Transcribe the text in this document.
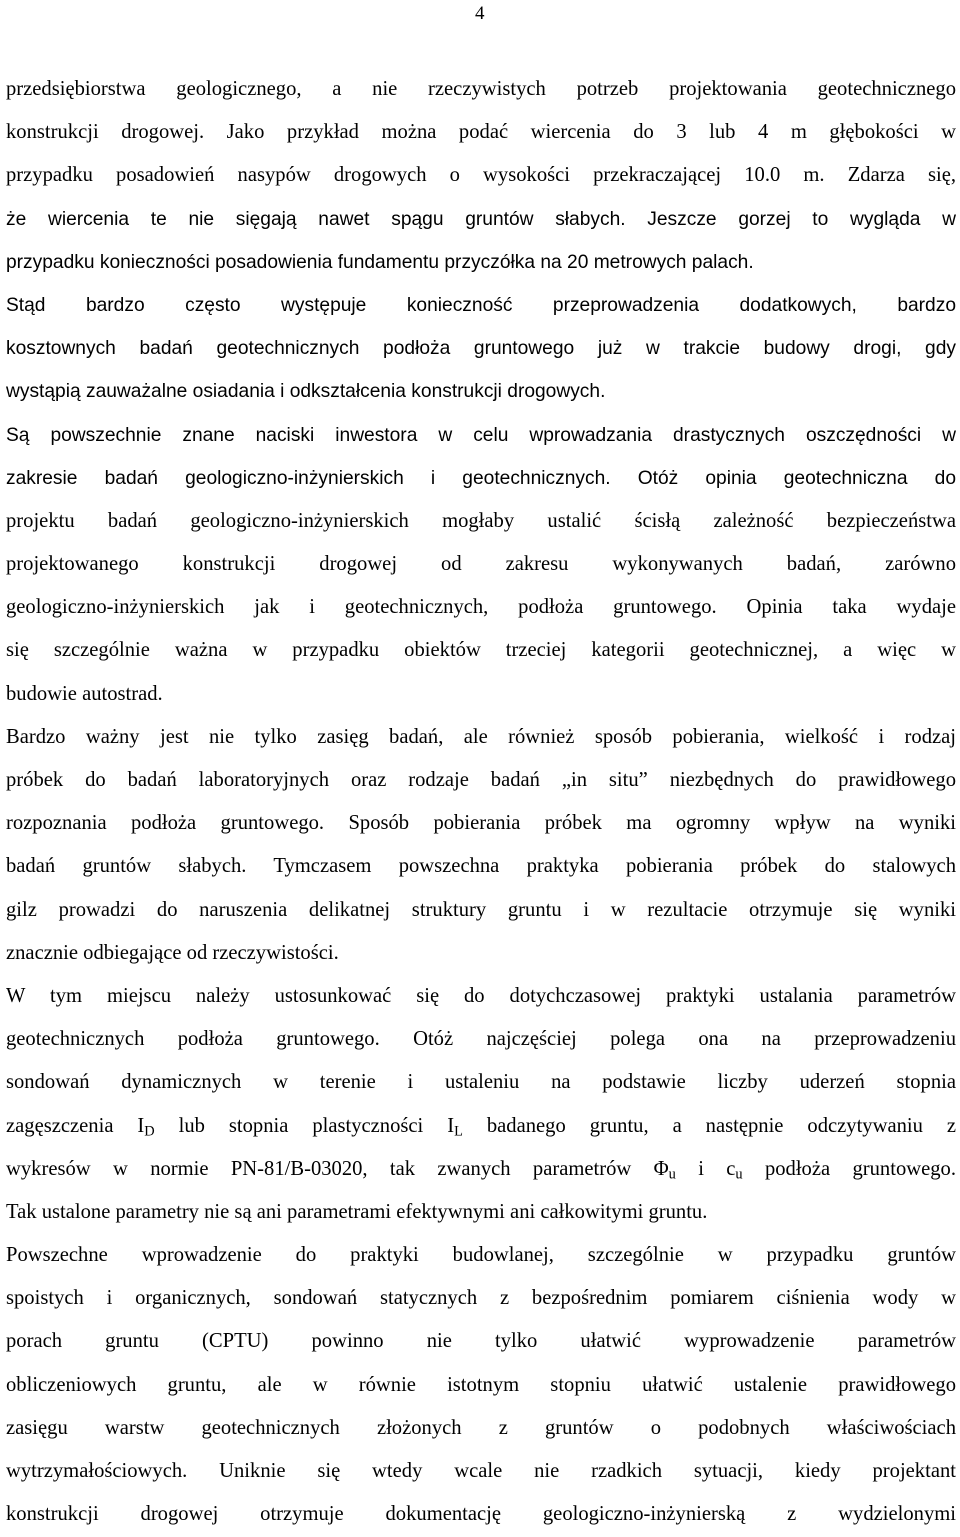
4
przedsiębiorstwa geologicznego, a nie rzeczywistych potrzeb projektowania geotechnicznego
konstrukcji drogowej. Jako przykład można podać wiercenia do 3 lub 4 m głębokości w
przypadku posadowień nasypów drogowych o wysokości przekraczającej 10.0 m. Zdarza się,
że wiercenia te nie sięgają nawet spągu gruntów słabych. Jeszcze gorzej to wygląda w
przypadku konieczności posadowienia fundamentu przyczółka na 20 metrowych palach.
Stąd bardzo często występuje konieczność przeprowadzenia dodatkowych, bardzo
kosztownych badań geotechnicznych podłoża gruntowego już w trakcie budowy drogi, gdy
wystąpią zauważalne osiadania i odkształcenia konstrukcji drogowych.
Są powszechnie znane naciski inwestora w celu wprowadzania drastycznych oszczędności w
zakresie badań geologiczno-inżynierskich i geotechnicznych. Otóż opinia geotechniczna do
projektu badań geologiczno-inżynierskich mogłaby ustalić ścisłą zależność bezpieczeństwa
projektowanego konstrukcji drogowej od zakresu wykonywanych badań, zarówno
geologiczno-inżynierskich jak i geotechnicznych, podłoża gruntowego. Opinia taka wydaje
się szczególnie ważna w przypadku obiektów trzeciej kategorii geotechnicznej, a więc w
budowie autostrad.
Bardzo ważny jest nie tylko zasięg badań, ale również sposób pobierania, wielkość i rodzaj
próbek do badań laboratoryjnych oraz rodzaje badań „in situ” niezbędnych do prawidłowego
rozpoznania podłoża gruntowego. Sposób pobierania próbek ma ogromny wpływ na wyniki
badań gruntów słabych. Tymczasem powszechna praktyka pobierania próbek do stalowych
gilz prowadzi do naruszenia delikatnej struktury gruntu i w rezultacie otrzymuje się wyniki
znacznie odbiegające od rzeczywistości.
W tym miejscu należy ustosunkować się do dotychczasowej praktyki ustalania parametrów
geotechnicznych podłoża gruntowego. Otóż najczęściej polega ona na przeprowadzeniu
sondowań dynamicznych w terenie i ustaleniu na podstawie liczby uderzeń stopnia
zagęszczenia $I_D$ lub stopnia plastyczności $I_L$ badanego gruntu, a następnie odczytywaniu z
wykresów w normie PN-81/B-03020, tak zwanych parametrów $\Phi_u$ i $c_u$ podłoża gruntowego.
Tak ustalone parametry nie są ani parametrami efektywnymi ani całkowitymi gruntu.
Powszechne wprowadzenie do praktyki budowlanej, szczególnie w przypadku gruntów
spoistych i organicznych, sondowań statycznych z bezpośrednim pomiarem ciśnienia wody w
porach gruntu (CPTU) powinno nie tylko ułatwić wyprowadzenie parametrów
obliczeniowych gruntu, ale w równie istotnym stopniu ułatwić ustalenie prawidłowego
zasięgu warstw geotechnicznych złożonych z gruntów o podobnych właściwościach
wytrzymałościowych. Uniknie się wtedy wcale nie rzadkich sytuacji, kiedy projektant
konstrukcji drogowej otrzymuje dokumentację geologiczno-inżynierską z wydzielonymi
